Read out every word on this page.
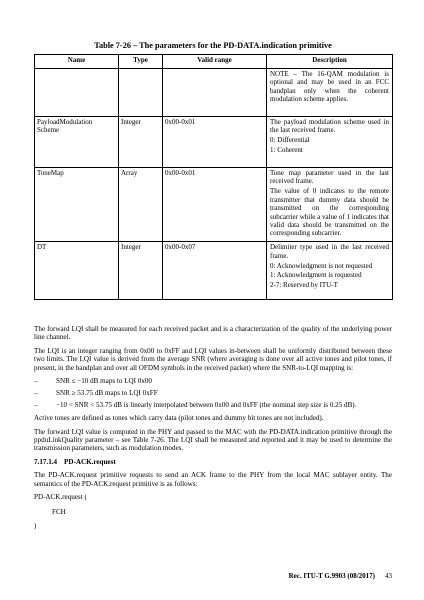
Table 7-26 – The parameters for the PD-DATA.indication primitive
Name	Type	Valid range	Description

			NOTE – The 16-QAM modulation is optional and may be used in an FCC bandplan only when the coherent modulation scheme applies.

PayloadModulation Scheme	Integer	0x00-0x01	The payload modulation scheme used in the last received frame.

0: Differential

1: Coherent

ToneMap	Array	0x00-0x01	Tone map parameter used in the last received frame.

The value of 0 indicates to the remote transmitter that dummy data should be transmitted on the corresponding subcarrier while a value of 1 indicates that valid data should be transmitted on the corresponding subcarrier.

DT	Integer	0x00-0x07	Delimiter type used in the last received frame.

0: Acknowledgment is not requested

1: Acknowledgment is requested

2-7: Reserved by ITU-T

The forward LQI shall be measured for each received packet and is a characterization of the quality of the underlying power line channel.

The LQI is an integer ranging from 0x00 to 0xFF and LQI values in-between shall be uniformly distributed between these two limits. The LQI value is derived from the average SNR (where averaging is done over all active tones and pilot tones, if present, in the bandplan and over all OFDM symbols in the received packet) where the SNR-to-LQI mapping is:

–	SNR ≤ −10 dB maps to LQI 0x00
–	SNR ≥ 53.75 dB maps to LQI 0xFF
–	−10 < SNR < 53.75 dB is linearly interpolated between 0x00 and 0xFF (the nominal step size is 0.25 dB).

Active tones are defined as tones which carry data (pilot tones and dummy bit tones are not included).

The forward LQI value is computed in the PHY and passed to the MAC with the PD-DATA.indication primitive through the ppduLinkQuality parameter – see Table 7-26. The LQI shall be measured and reported and it may be used to determine the transmission parameters, such as modulation modes.

7.17.1.4 PD-ACK.request

The PD-ACK.request primitive requests to send an ACK frame to the PHY from the local MAC sublayer entity. The semantics of the PD-ACK.request primitive is as follows:

PD-ACK.request (
FCH
)
Rec. ITU-T G.9903 (08/2017) 43
